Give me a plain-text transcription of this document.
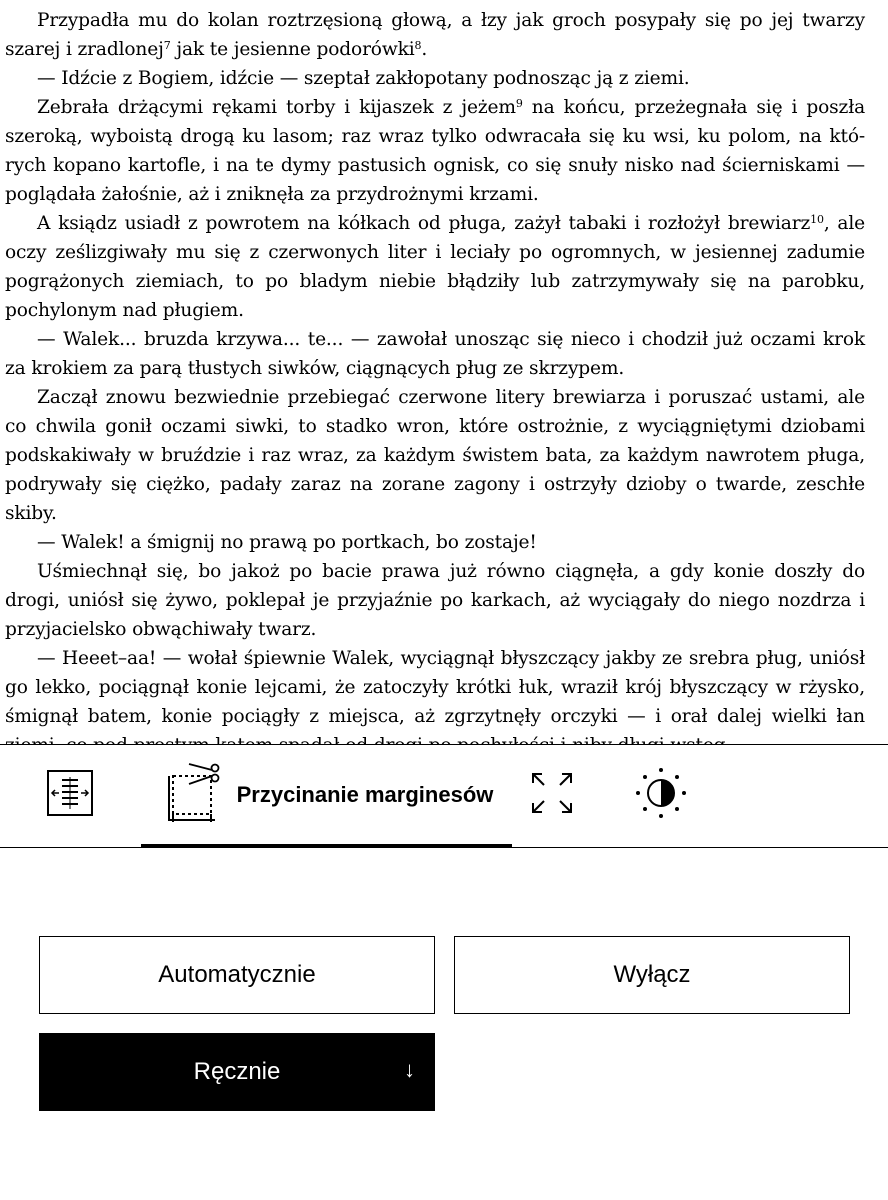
Przypadła mu do kolan roztrzęsioną głową, a łzy jak groch posypały się po jej twarzy szarej i zradlonej$^7$ jak te jesienne podorówki$^8$.

— Idźcie z Bogiem, idźcie — szeptał zakłopotany podnosząc ją z ziemi.

Zebrała drżącymi rękami torby i kijaszek z jeżem$^9$ na końcu, przeżegnała się i poszła szeroką, wyboistą drogą ku lasom; raz wraz tylko odwracała się ku wsi, ku polom, na któ-rych kopano kartofle, i na te dymy pastusich ognisk, co się snuły nisko nad ścierniskami — poglądała żałośnie, aż i zniknęła za przydrożnymi krzami.

A ksiądz usiadł z powrotem na kółkach od pługa, zażył tabaki i rozłożył brewiarz$^{10}$, ale oczy ześlizgiwały mu się z czerwonych liter i leciały po ogromnych, w jesiennej zadumie pogrążonych ziemiach, to po bladym niebie błądziły lub zatrzymywały się na parobku, pochylonym nad pługiem.

— Walek... bruzda krzywa... te... — zawołał unosząc się nieco i chodził już oczami krok za krokiem za parą tłustych siwków, ciągnących pług ze skrzypem.

Zaczął znowu bezwiednie przebiegać czerwone litery brewiarza i poruszać ustami, ale co chwila gonił oczami siwki, to stadko wron, które ostrożnie, z wyciągniętymi dziobami podskakiwały w bruździe i raz wraz, za każdym świstem bata, za każdym nawrotem pługa, podrywały się ciężko, padały zaraz na zorane zagony i ostrzyły dzioby o twarde, zeschłe skiby.

— Walek! a śmignij no prawą po portkach, bo zostaje!

Uśmiechnął się, bo jakoż po bacie prawa już równo ciągnęła, a gdy konie doszły do drogi, uniósł się żywo, poklepał je przyjaźnie po karkach, aż wyciągały do niego nozdrza i przyjacielsko obwąchiwały twarz.

— Heeet–aa! — wołał śpiewnie Walek, wyciągnął błyszczący jakby ze srebra pług, uniósł go lekko, pociągnął konie lejcami, że zatoczyły krótki łuk, wraził krój błyszczący w rżysko, śmignął batem, konie pociągły z miejsca, aż zgrzytnęły orczyki — i orał dalej wielki łan

Przycinanie marginesów
Automatycznie	Wyłącz
Ręcznie	↓
